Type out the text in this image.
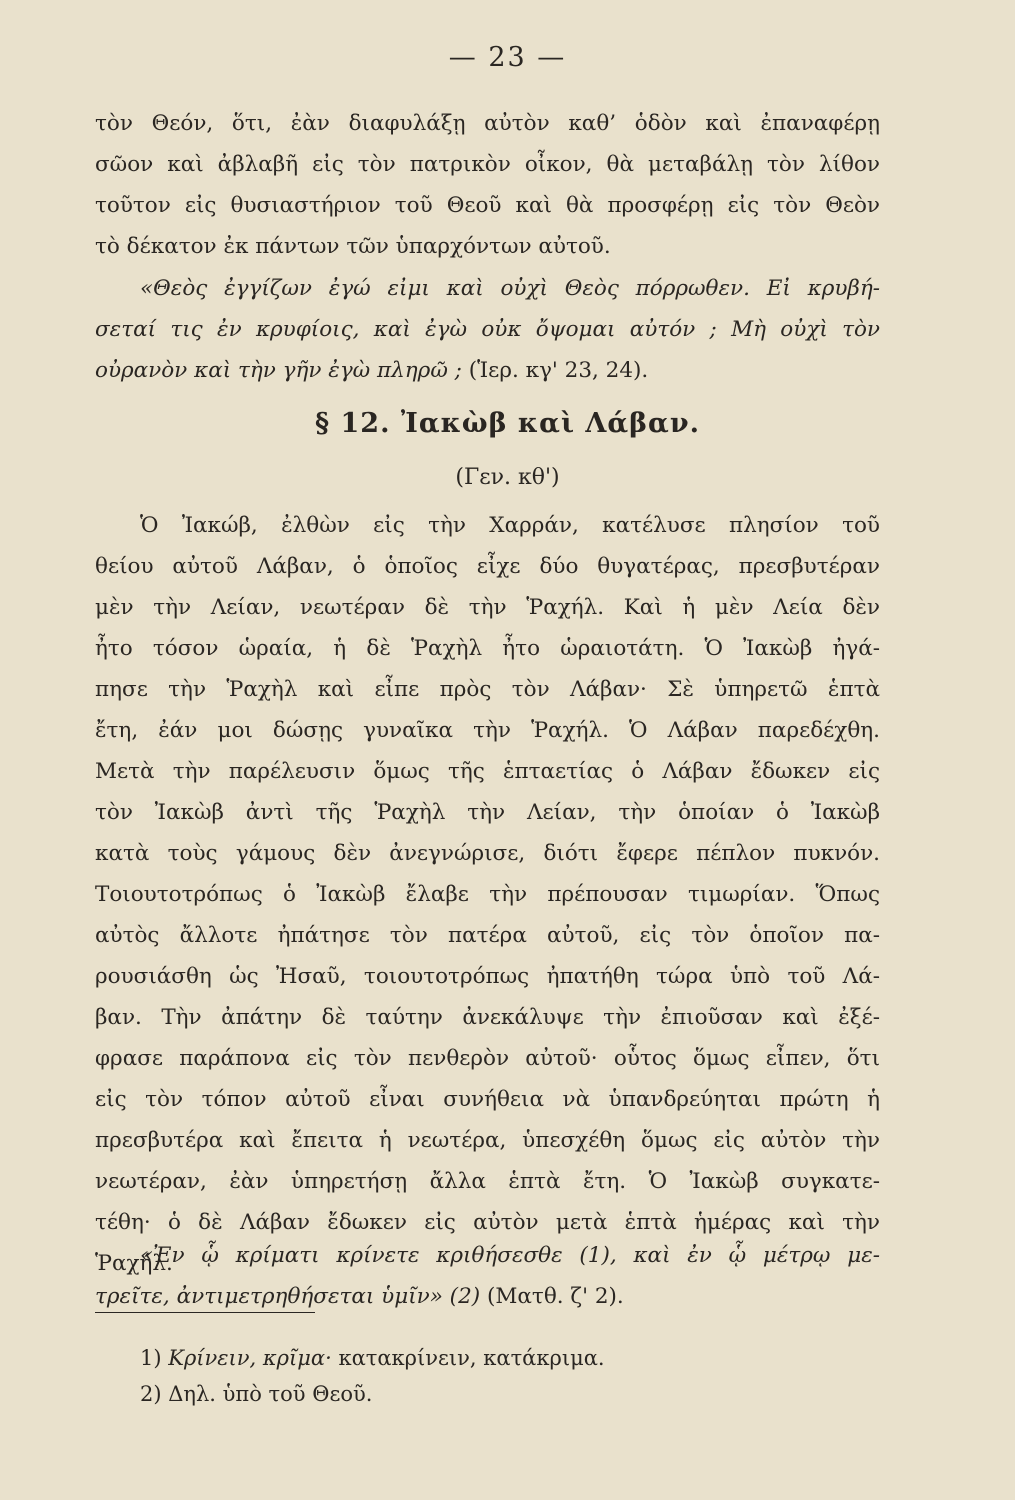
— 23 —
τὸν Θεόν, ὅτι, ἐὰν διαφυλάξῃ αὐτὸν καθ’ ὁδὸν καὶ ἐπαναφέρῃ
σῶον καὶ ἀβλαβῆ εἰς τὸν πατρικὸν οἶκον, θὰ μεταβάλῃ τὸν λίθον
τοῦτον εἰς θυσιαστήριον τοῦ Θεοῦ καὶ θὰ προσφέρῃ εἰς τὸν Θεὸν
τὸ δέκατον ἐκ πάντων τῶν ὑπαρχόντων αὐτοῦ.
«Θεὸς ἐγγίζων ἐγώ εἰμι καὶ οὐχὶ Θεὸς πόρρωθεν. Εἰ κρυβή-
σεταί τις ἐν κρυφίοις, καὶ ἐγὼ οὐκ ὄψομαι αὐτόν ; Μὴ οὐχὶ τὸν
οὐρανὸν καὶ τὴν γῆν ἐγὼ πληρῶ ; (Ἱερ. κγ' 23, 24).
§ 12. Ἰακὼβ καὶ Λάβαν.
(Γεν. κθ')
Ὁ Ἰακώβ, ἐλθὼν εἰς τὴν Χαρράν, κατέλυσε πλησίον τοῦ
θείου αὐτοῦ Λάβαν, ὁ ὁποῖος εἶχε δύο θυγατέρας, πρεσβυτέραν
μὲν τὴν Λείαν, νεωτέραν δὲ τὴν Ῥαχήλ. Καὶ ἡ μὲν Λεία δὲν
ἦτο τόσον ὡραία, ἡ δὲ Ῥαχὴλ ἦτο ὡραιοτάτη. Ὁ Ἰακὼβ ἠγά-
πησε τὴν Ῥαχὴλ καὶ εἶπε πρὸς τὸν Λάβαν· Σὲ ὑπηρετῶ ἑπτὰ
ἔτη, ἐάν μοι δώσῃς γυναῖκα τὴν Ῥαχήλ. Ὁ Λάβαν παρεδέχθη.
Μετὰ τὴν παρέλευσιν ὅμως τῆς ἑπταετίας ὁ Λάβαν ἔδωκεν εἰς
τὸν Ἰακὼβ ἀντὶ τῆς Ῥαχὴλ τὴν Λείαν, τὴν ὁποίαν ὁ Ἰακὼβ
κατὰ τοὺς γάμους δὲν ἀνεγνώρισε, διότι ἔφερε πέπλον πυκνόν.
Τοιουτοτρόπως ὁ Ἰακὼβ ἔλαβε τὴν πρέπουσαν τιμωρίαν. Ὅπως
αὐτὸς ἄλλοτε ἠπάτησε τὸν πατέρα αὐτοῦ, εἰς τὸν ὁποῖον πα-
ρουσιάσθη ὡς Ἠσαῦ, τοιουτοτρόπως ἠπατήθη τώρα ὑπὸ τοῦ Λά-
βαν. Τὴν ἀπάτην δὲ ταύτην ἀνεκάλυψε τὴν ἐπιοῦσαν καὶ ἐξέ-
φρασε παράπονα εἰς τὸν πενθερὸν αὐτοῦ· οὗτος ὅμως εἶπεν, ὅτι
εἰς τὸν τόπον αὐτοῦ εἶναι συνήθεια νὰ ὑπανδρεύηται πρώτη ἡ
πρεσβυτέρα καὶ ἔπειτα ἡ νεωτέρα, ὑπεσχέθη ὅμως εἰς αὐτὸν τὴν
νεωτέραν, ἐὰν ὑπηρετήσῃ ἄλλα ἑπτὰ ἔτη. Ὁ Ἰακὼβ συγκατε-
τέθη· ὁ δὲ Λάβαν ἔδωκεν εἰς αὐτὸν μετὰ ἑπτὰ ἡμέρας καὶ τὴν
Ῥαχήλ.
«Ἐν ᾧ κρίματι κρίνετε κριθήσεσθε (1), καὶ ἐν ᾧ μέτρῳ με-
τρεῖτε, ἀντιμετρηθήσεται ὑμῖν» (2) (Ματθ. ζ' 2).
1) Κρίνειν, κρῖμα· κατακρίνειν, κατάκριμα.
2) Δηλ. ὑπὸ τοῦ Θεοῦ.
